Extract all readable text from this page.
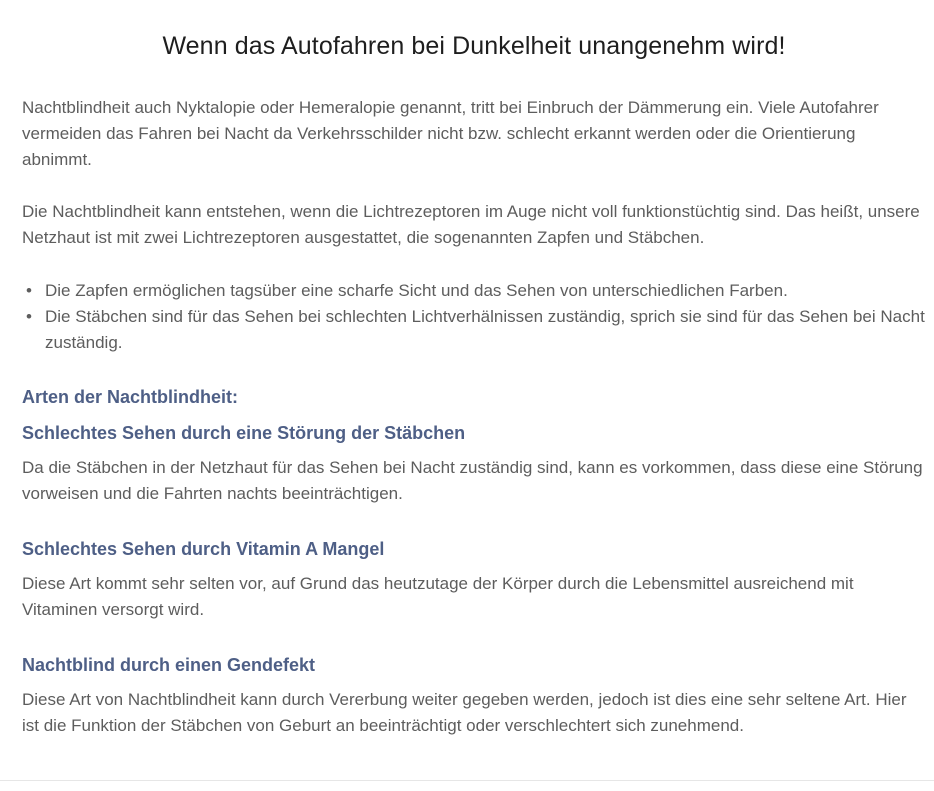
Wenn das Autofahren bei Dunkelheit unangenehm wird!

Nachtblindheit auch Nyktalopie oder Hemeralopie genannt, tritt bei Einbruch der Dämmerung ein. Viele Autofahrer vermeiden das Fahren bei Nacht da Verkehrsschilder nicht bzw. schlecht erkannt werden oder die Orientierung abnimmt.

Die Nachtblindheit kann entstehen, wenn die Lichtrezeptoren im Auge nicht voll funktionstüchtig sind. Das heißt, unsere Netzhaut ist mit zwei Lichtrezeptoren ausgestattet, die sogenannten Zapfen und Stäbchen.

• Die Zapfen ermöglichen tagsüber eine scharfe Sicht und das Sehen von unterschiedlichen Farben.
• Die Stäbchen sind für das Sehen bei schlechten Lichtverhälnissen zuständig, sprich sie sind für das Sehen bei Nacht zuständig.
Arten der Nachtblindheit:
Schlechtes Sehen durch eine Störung der Stäbchen

Da die Stäbchen in der Netzhaut für das Sehen bei Nacht zuständig sind, kann es vorkommen, dass diese eine Störung vorweisen und die Fahrten nachts beeinträchtigen.

Schlechtes Sehen durch Vitamin A Mangel

Diese Art kommt sehr selten vor, auf Grund das heutzutage der Körper durch die Lebensmittel ausreichend mit Vitaminen versorgt wird.

Nachtblind durch einen Gendefekt

Diese Art von Nachtblindheit kann durch Vererbung weiter gegeben werden, jedoch ist dies eine sehr seltene Art. Hier ist die Funktion der Stäbchen von Geburt an beeinträchtigt oder verschlechtert sich zunehmend.
